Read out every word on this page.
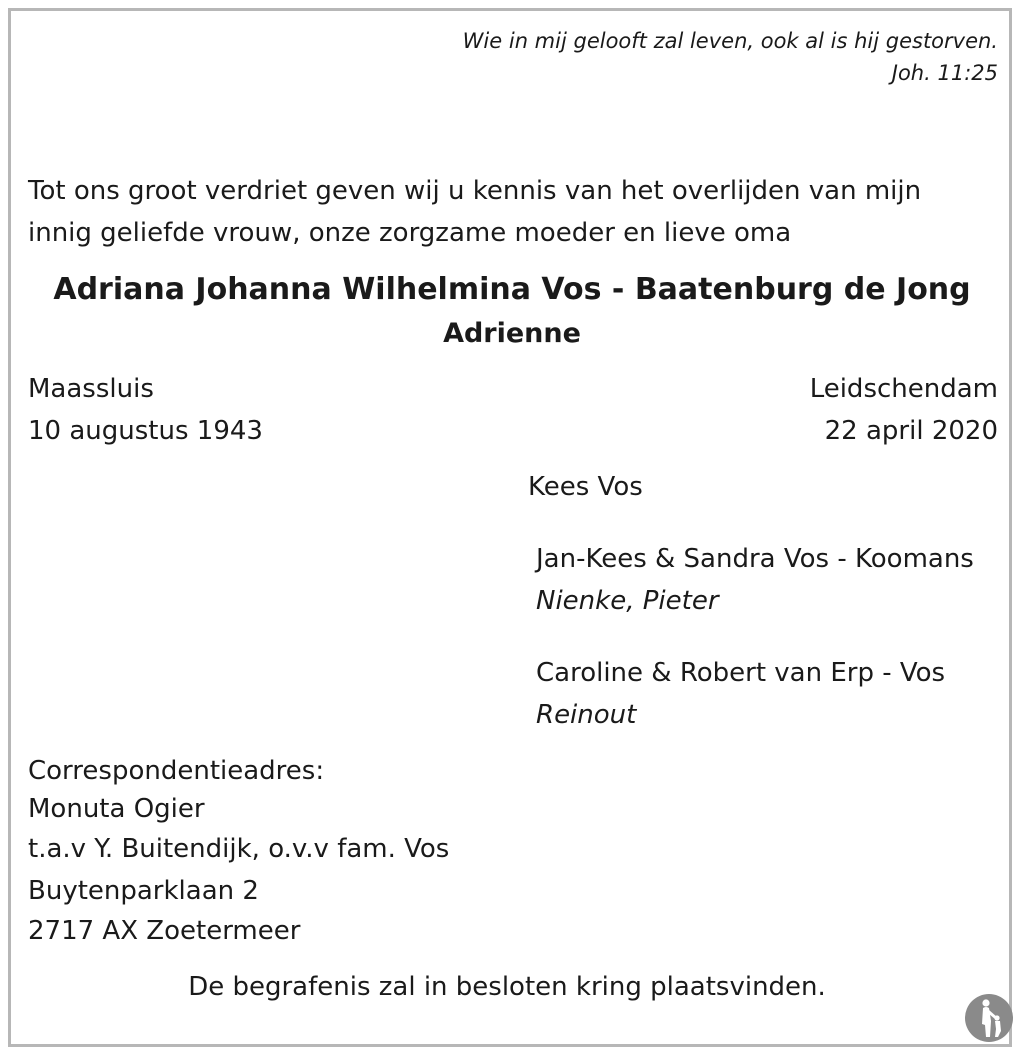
Wie in mij gelooft zal leven, ook al is hij gestorven.
Joh. 11:25
Tot ons groot verdriet geven wij u kennis van het overlijden van mijn
innig geliefde vrouw, onze zorgzame moeder en lieve oma
Adriana Johanna Wilhelmina Vos - Baatenburg de Jong
Adrienne
Maassluis
10 augustus 1943
Leidschendam
22 april 2020
Kees Vos
Jan-Kees & Sandra Vos - Koomans
Nienke, Pieter
Caroline & Robert van Erp - Vos
Reinout
Correspondentieadres:
Monuta Ogier
t.a.v Y. Buitendijk, o.v.v fam. Vos
Buytenparklaan 2
2717 AX Zoetermeer
De begrafenis zal in besloten kring plaatsvinden.
